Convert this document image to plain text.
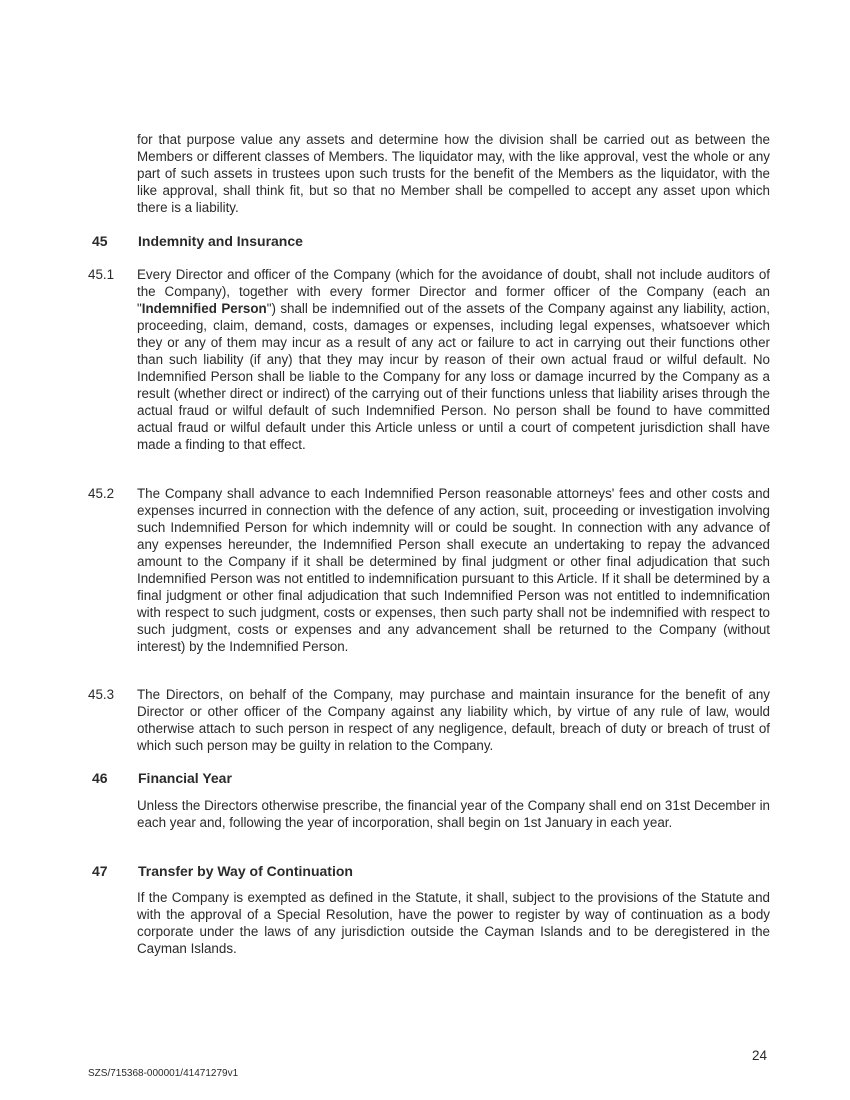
for that purpose value any assets and determine how the division shall be carried out as between the Members or different classes of Members. The liquidator may, with the like approval, vest the whole or any part of such assets in trustees upon such trusts for the benefit of the Members as the liquidator, with the like approval, shall think fit, but so that no Member shall be compelled to accept any asset upon which there is a liability.

45 Indemnity and Insurance

45.1 Every Director and officer of the Company (which for the avoidance of doubt, shall not include auditors of the Company), together with every former Director and former officer of the Company (each an "Indemnified Person") shall be indemnified out of the assets of the Company against any liability, action, proceeding, claim, demand, costs, damages or expenses, including legal expenses, whatsoever which they or any of them may incur as a result of any act or failure to act in carrying out their functions other than such liability (if any) that they may incur by reason of their own actual fraud or wilful default. No Indemnified Person shall be liable to the Company for any loss or damage incurred by the Company as a result (whether direct or indirect) of the carrying out of their functions unless that liability arises through the actual fraud or wilful default of such Indemnified Person. No person shall be found to have committed actual fraud or wilful default under this Article unless or until a court of competent jurisdiction shall have made a finding to that effect.

45.2 The Company shall advance to each Indemnified Person reasonable attorneys' fees and other costs and expenses incurred in connection with the defence of any action, suit, proceeding or investigation involving such Indemnified Person for which indemnity will or could be sought. In connection with any advance of any expenses hereunder, the Indemnified Person shall execute an undertaking to repay the advanced amount to the Company if it shall be determined by final judgment or other final adjudication that such Indemnified Person was not entitled to indemnification pursuant to this Article. If it shall be determined by a final judgment or other final adjudication that such Indemnified Person was not entitled to indemnification with respect to such judgment, costs or expenses, then such party shall not be indemnified with respect to such judgment, costs or expenses and any advancement shall be returned to the Company (without interest) by the Indemnified Person.

45.3 The Directors, on behalf of the Company, may purchase and maintain insurance for the benefit of any Director or other officer of the Company against any liability which, by virtue of any rule of law, would otherwise attach to such person in respect of any negligence, default, breach of duty or breach of trust of which such person may be guilty in relation to the Company.

46 Financial Year

Unless the Directors otherwise prescribe, the financial year of the Company shall end on 31st December in each year and, following the year of incorporation, shall begin on 1st January in each year.

47 Transfer by Way of Continuation

If the Company is exempted as defined in the Statute, it shall, subject to the provisions of the Statute and with the approval of a Special Resolution, have the power to register by way of continuation as a body corporate under the laws of any jurisdiction outside the Cayman Islands and to be deregistered in the Cayman Islands.

24

SZS/715368-000001/41471279v1
